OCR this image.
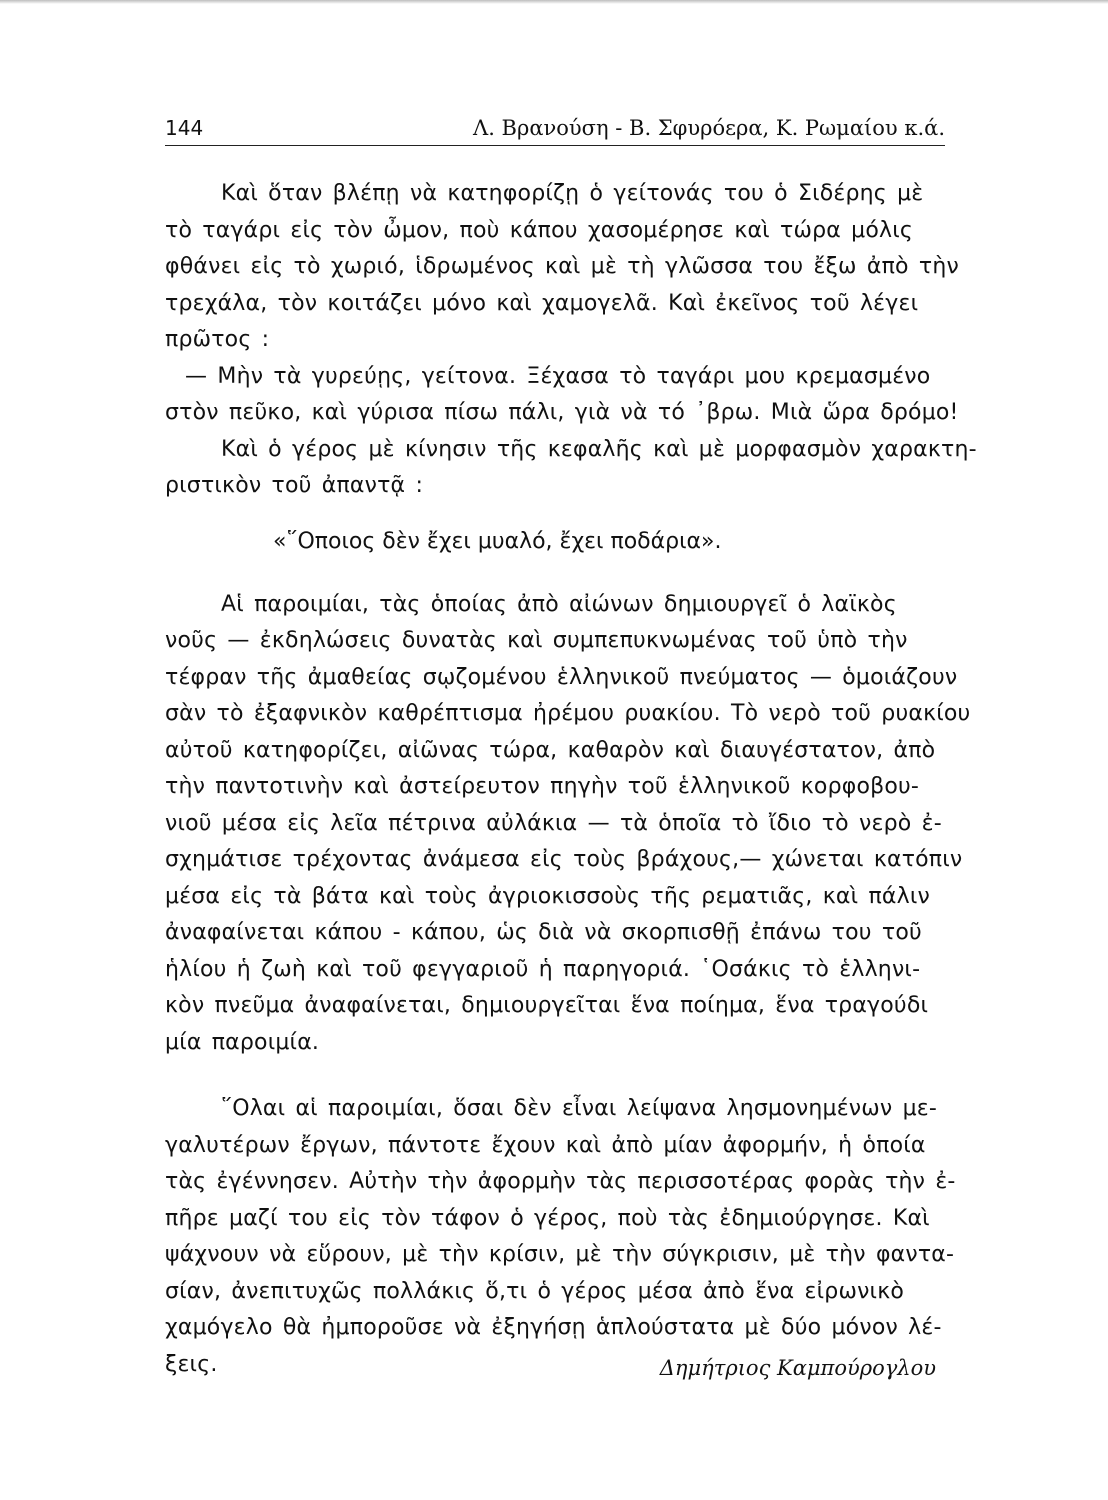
144	Λ. Βρανούση - Β. Σφυρόερα, Κ. Ρωμαίου κ.ά.
Καὶ ὅταν βλέπῃ νὰ κατηφορίζῃ ὁ γείτονάς του ὁ Σιδέρης μὲ
τὸ ταγάρι εἰς τὸν ὦμον, ποὺ κάπου χασομέρησε καὶ τώρα μόλις
φθάνει εἰς τὸ χωριό, ἱδρωμένος καὶ μὲ τὴ γλῶσσα του ἔξω ἀπὸ τὴν
τρεχάλα, τὸν κοιτάζει μόνο καὶ χαμογελᾶ. Καὶ ἐκεῖνος τοῦ λέγει
πρῶτος :
— Μὴν τὰ γυρεύῃς, γείτονα. Ξέχασα τὸ ταγάρι μου κρεμασμένο
στὸν πεῦκο, καὶ γύρισα πίσω πάλι, γιὰ νὰ τό ᾽βρω. Μιὰ ὥρα δρόμο!
Καὶ ὁ γέρος μὲ κίνησιν τῆς κεφαλῆς καὶ μὲ μορφασμὸν χαρακτη-
ριστικὸν τοῦ ἀπαντᾷ :
«῞Οποιος δὲν ἔχει μυαλό, ἔχει ποδάρια».
Αἱ παροιμίαι, τὰς ὁποίας ἀπὸ αἰώνων δημιουργεῖ ὁ λαϊκὸς
νοῦς — ἐκδηλώσεις δυνατὰς καὶ συμπεπυκνωμένας τοῦ ὑπὸ τὴν
τέφραν τῆς ἀμαθείας σῳζομένου ἑλληνικοῦ πνεύματος — ὁμοιάζουν
σὰν τὸ ἐξαφνικὸν καθρέπτισμα ἠρέμου ρυακίου. Τὸ νερὸ τοῦ ρυακίου
αὐτοῦ κατηφορίζει, αἰῶνας τώρα, καθαρὸν καὶ διαυγέστατον, ἀπὸ
τὴν παντοτινὴν καὶ ἀστείρευτον πηγὴν τοῦ ἑλληνικοῦ κορφοβου-
νιοῦ μέσα εἰς λεῖα πέτρινα αὐλάκια — τὰ ὁποῖα τὸ ἴδιο τὸ νερὸ ἐ-
σχημάτισε τρέχοντας ἀνάμεσα εἰς τοὺς βράχους,— χώνεται κατόπιν
μέσα εἰς τὰ βάτα καὶ τοὺς ἀγριοκισσοὺς τῆς ρεματιᾶς, καὶ πάλιν
ἀναφαίνεται κάπου - κάπου, ὡς διὰ νὰ σκορπισθῇ ἐπάνω του τοῦ
ἡλίου ἡ ζωὴ καὶ τοῦ φεγγαριοῦ ἡ παρηγοριά. ῾Οσάκις τὸ ἑλληνι-
κὸν πνεῦμα ἀναφαίνεται, δημιουργεῖται ἕνα ποίημα, ἕνα τραγούδι
μία παροιμία.
῞Ολαι αἱ παροιμίαι, ὅσαι δὲν εἶναι λείψανα λησμονημένων με-
γαλυτέρων ἔργων, πάντοτε ἔχουν καὶ ἀπὸ μίαν ἀφορμήν, ἡ ὁποία
τὰς ἐγέννησεν. Αὐτὴν τὴν ἀφορμὴν τὰς περισσοτέρας φορὰς τὴν ἐ-
πῆρε μαζί του εἰς τὸν τάφον ὁ γέρος, ποὺ τὰς ἐδημιούργησε. Καὶ
ψάχνουν νὰ εὕρουν, μὲ τὴν κρίσιν, μὲ τὴν σύγκρισιν, μὲ τὴν φαντα-
σίαν, ἀνεπιτυχῶς πολλάκις ὅ,τι ὁ γέρος μέσα ἀπὸ ἕνα εἰρωνικὸ
χαμόγελο θὰ ἠμποροῦσε νὰ ἐξηγήσῃ ἁπλούστατα μὲ δύο μόνον λέ-
ξεις.	Δημήτριος Καμπούρογλου
